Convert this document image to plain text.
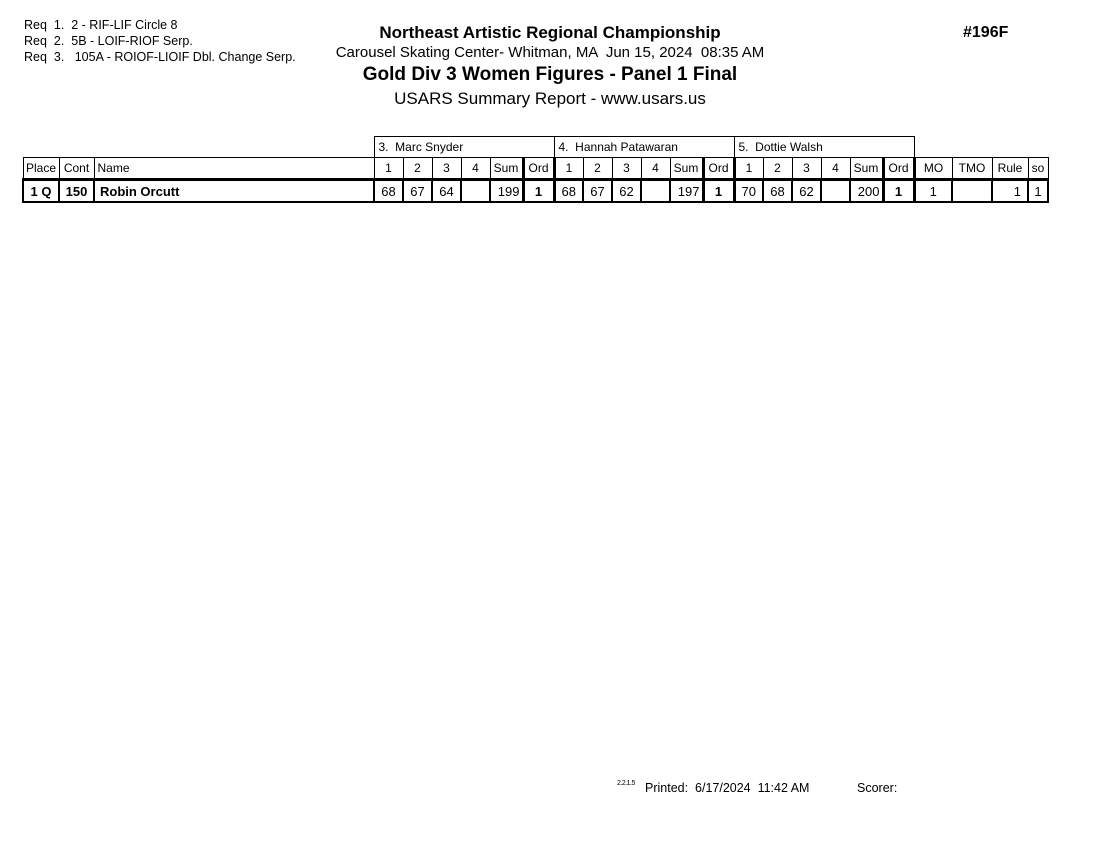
Req  1.  2 - RIF-LIF Circle 8
Req  2.  5B - LOIF-RIOF Serp.
Req  3.   105A - ROIOF-LIOIF Dbl. Change Serp.
Northeast Artistic Regional Championship
Carousel Skating Center- Whitman, MA  Jun 15, 2024  08:35 AM
Gold Div 3 Women Figures - Panel 1 Final
USARS Summary Report - www.usars.us
#196F
			3.  Marc Snyder						4.  Hannah Patawaran						5.  Dottie Walsh									
Place	Cont	Name	1	2	3	4	Sum	Ord	1	2	3	4	Sum	Ord	1	2	3	4	Sum	Ord	MO	TMO	Rule	so
1 Q	150	Robin Orcutt	68	67	64		199	1	68	67	62		197	1	70	68	62		200	1	1		1	1
2.2.1.5 Printed:  6/17/2024  11:42 AM	Scorer:
